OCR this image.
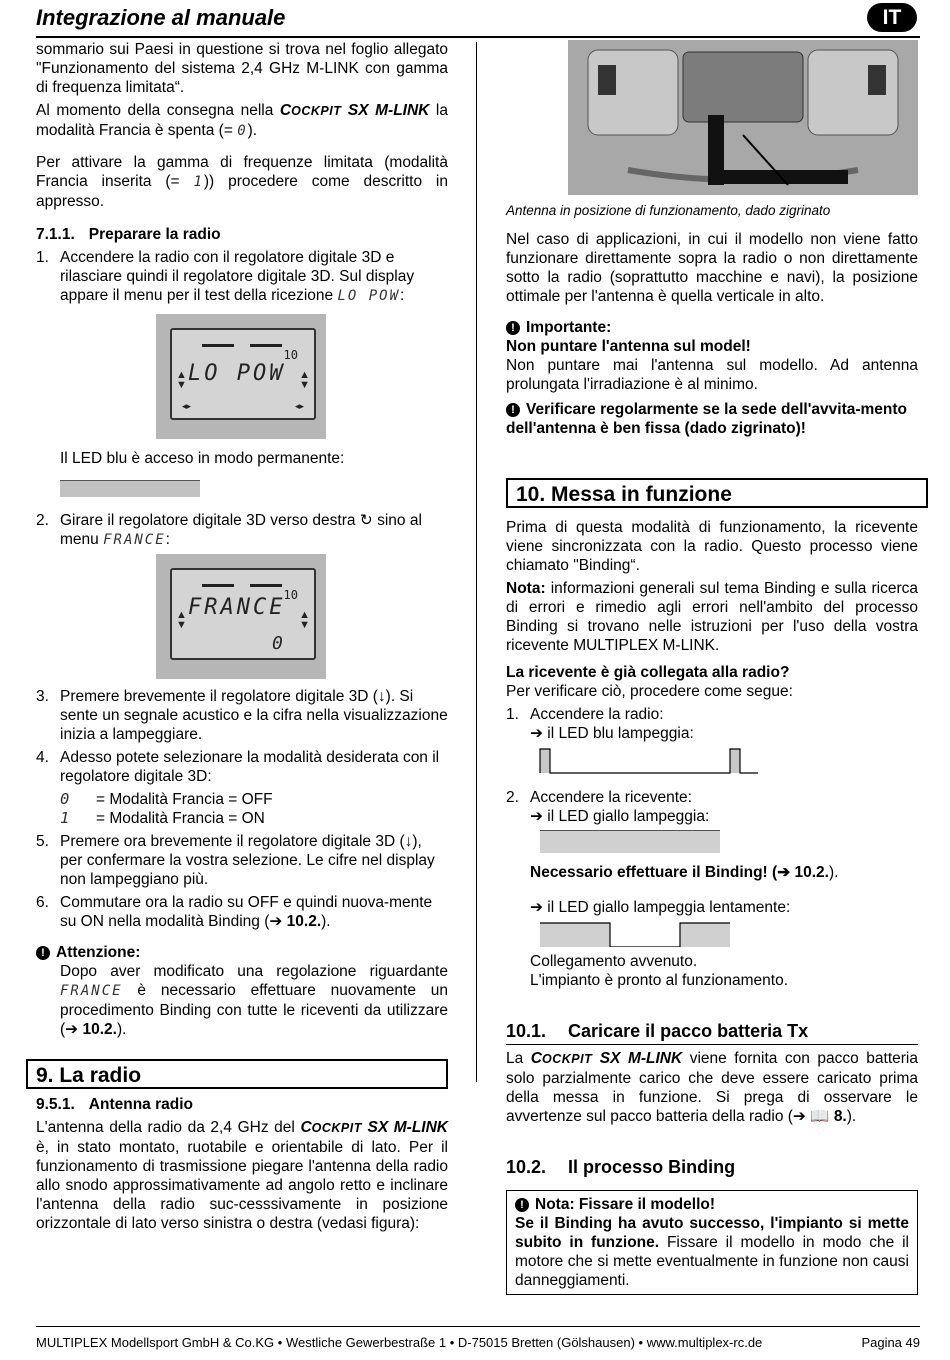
Integrazione al manuale	IT

sommario sui Paesi in questione si trova nel foglio allegato "Funzionamento del sistema 2,4 GHz M-LINK con gamma di frequenza limitata“.

Al momento della consegna nella COCKPIT SX M-LINK la modalità Francia è spenta (= 0).

Per attivare la gamma di frequenze limitata (modalità Francia inserita (= 1)) procedere come descritto in appresso.

7.1.1. Preparare la radio
1. Accendere la radio con il regolatore digitale 3D e rilasciare quindi il regolatore digitale 3D. Sul display appare il menu per il test della ricezione LO POW:
10
▲
▼
▲
▼
LO POW
◂▸	◂▸

Il LED blu è acceso in modo permanente:

2. Girare il regolatore digitale 3D verso destra ↻ sino al menu FRANCE:
10
▲
▼
▲
▼
FRANCE
0
3. Premere brevemente il regolatore digitale 3D (↓). Si sente un segnale acustico e la cifra nella visualizzazione inizia a lampeggiare.
4. Adesso potete selezionare la modalità desiderata con il regolatore digitale 3D:
0	= Modalità Francia = OFF
1	= Modalità Francia = ON
5. Premere ora brevemente il regolatore digitale 3D (↓), per confermare la vostra selezione. Le cifre nel display non lampeggiano più.
6. Commutare ora la radio su OFF e quindi nuova-mente su ON nella modalità Binding (➔ 10.2.).
! Attenzione:

Dopo aver modificato una regolazione riguardante FRANCE è necessario effettuare nuovamente un procedimento Binding con tutte le riceventi da utilizzare (➔ 10.2.).

9. La radio
9.5.1. Antenna radio

L'antenna della radio da 2,4 GHz del COCKPIT SX M-LINK è, in stato montato, ruotabile e orientabile di lato. Per il funzionamento di trasmissione piegare l'antenna della radio allo snodo approssimativamente ad angolo retto e inclinare l'antenna della radio suc-cesssivamente in posizione orizzontale di lato verso sinistra o destra (vedasi figura):

Antenna in posizione di funzionamento, dado zigrinato

Nel caso di applicazioni, in cui il modello non viene fatto funzionare direttamente sopra la radio o non direttamente sotto la radio (soprattutto macchine e navi), la posizione ottimale per l'antenna è quella verticale in alto.

! Importante:

Non puntare l'antenna sul model!

Non puntare mai l'antenna sul modello. Ad antenna prolungata l'irradiazione è al minimo.

! Verificare regolarmente se la sede dell'avvita-mento dell'antenna è ben fissa (dado zigrinato)!

10. Messa in funzione

Prima di questa modalità di funzionamento, la ricevente viene sincronizzata con la radio. Questo processo viene chiamato "Binding“.

Nota: informazioni generali sul tema Binding e sulla ricerca di errori e rimedio agli errori nell'ambito del processo Binding si trovano nelle istruzioni per l'uso della vostra ricevente MULTIPLEX M-LINK.

La ricevente è già collegata alla radio?

Per verificare ciò, procedere come segue:

1. Accendere la radio:

➔ il LED blu lampeggia:

2. Accendere la ricevente:

➔ il LED giallo lampeggia:

Necessario effettuare il Binding! (➔ 10.2.).

➔ il LED giallo lampeggia lentamente:

Collegamento avvenuto.

L'impianto è pronto al funzionamento.

10.1. Caricare il pacco batteria Tx

La COCKPIT SX M-LINK viene fornita con pacco batteria solo parzialmente carico che deve essere caricato prima della messa in funzione. Si prega di osservare le avvertenze sul pacco batteria della radio (➔ 📖 8.).

10.2. Il processo Binding
! Nota: Fissare il modello!

Se il Binding ha avuto successo, l'impianto si mette subito in funzione. Fissare il modello in modo che il motore che si mette eventualmente in funzione non causi danneggiamenti.

MULTIPLEX Modellsport GmbH & Co.KG • Westliche Gewerbestraße 1 • D-75015 Bretten (Gölshausen) • www.multiplex-rc.de	Pagina 49
